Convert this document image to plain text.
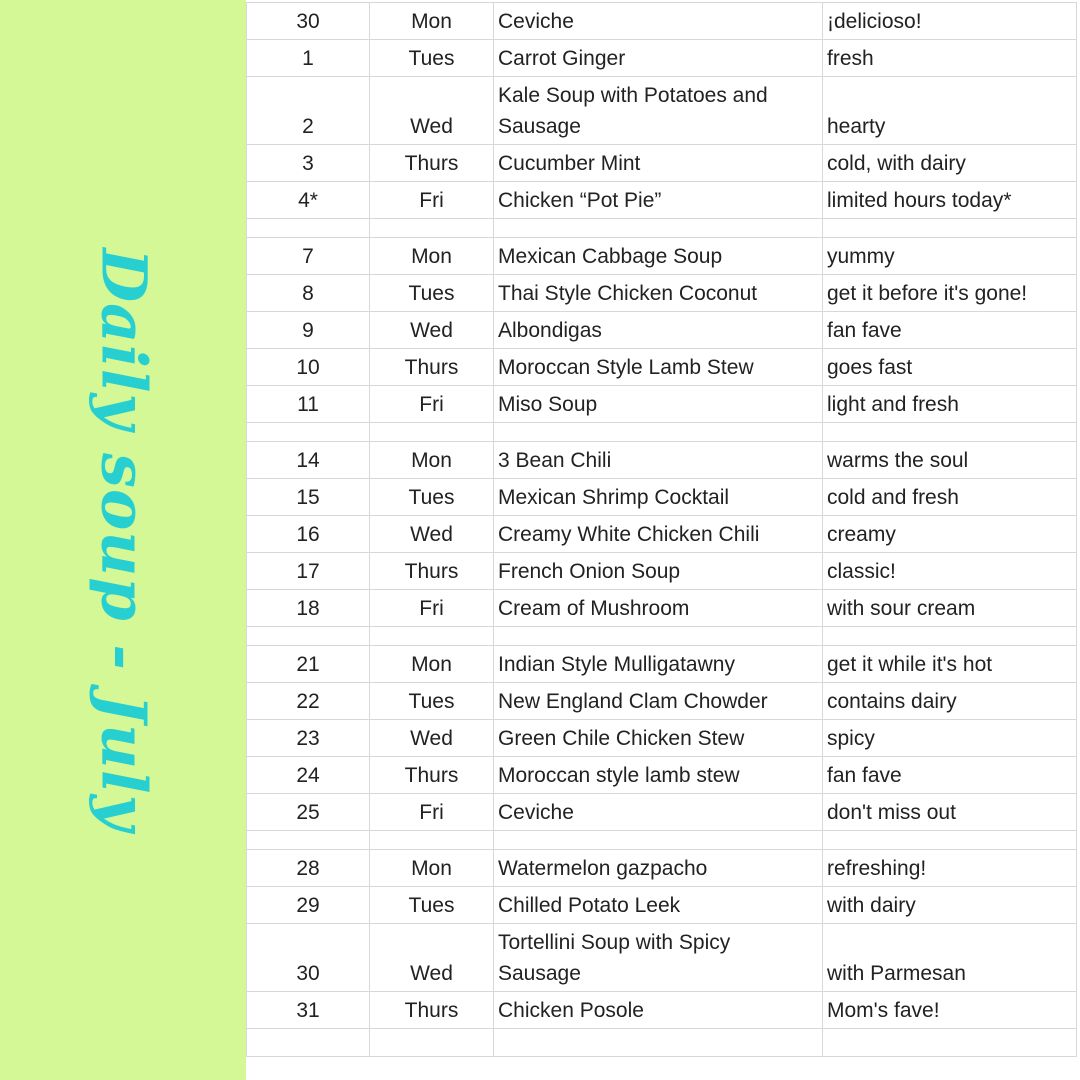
Daily soup - July
30	Mon	Ceviche	¡delicioso!
1	Tues	Carrot Ginger	fresh
2	Wed	Kale Soup with Potatoes and Sausage	hearty
3	Thurs	Cucumber Mint	cold, with dairy
4*	Fri	Chicken “Pot Pie”	limited hours today*

7	Mon	Mexican Cabbage Soup	yummy
8	Tues	Thai Style Chicken Coconut	get it before it's gone!
9	Wed	Albondigas	fan fave
10	Thurs	Moroccan Style Lamb Stew	goes fast
11	Fri	Miso Soup	light and fresh

14	Mon	3 Bean Chili	warms the soul
15	Tues	Mexican Shrimp Cocktail	cold and fresh
16	Wed	Creamy White Chicken Chili	creamy
17	Thurs	French Onion Soup	classic!
18	Fri	Cream of Mushroom	with sour cream

21	Mon	Indian Style Mulligatawny	get it while it's hot
22	Tues	New England Clam Chowder	contains dairy
23	Wed	Green Chile Chicken Stew	spicy
24	Thurs	Moroccan style lamb stew	fan fave
25	Fri	Ceviche	don't miss out

28	Mon	Watermelon gazpacho	refreshing!
29	Tues	Chilled Potato Leek	with dairy
30	Wed	Tortellini Soup with Spicy Sausage	with Parmesan
31	Thurs	Chicken Posole	Mom's fave!
